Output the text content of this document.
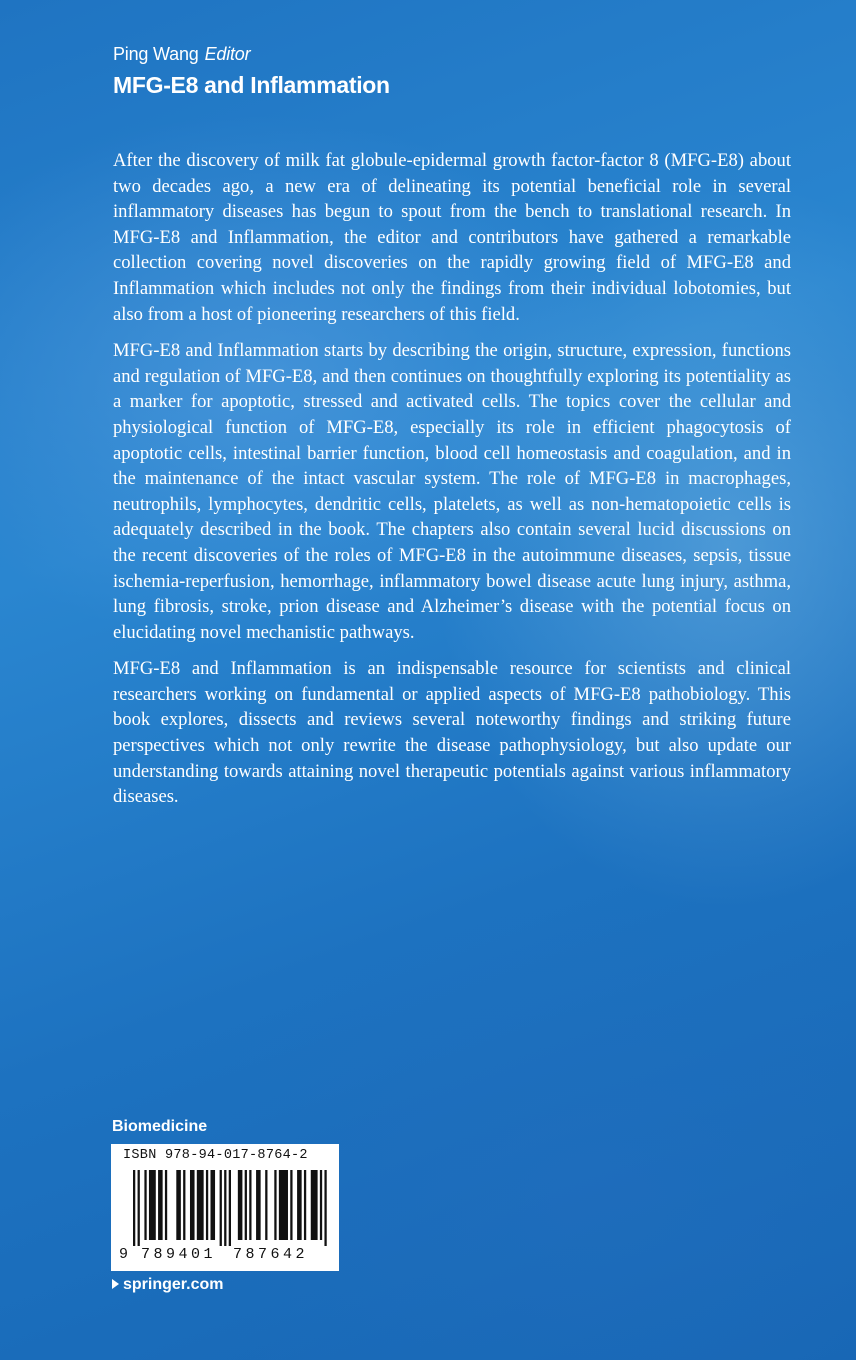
Ping Wang Editor
MFG-E8 and Inflammation

After the discovery of milk fat globule-epidermal growth factor-factor 8 (MFG-E8) about two decades ago, a new era of delineating its potential beneficial role in several inflammatory diseases has begun to spout from the bench to translational research. In MFG-E8 and Inflammation, the editor and contributors have gathered a remarkable collection covering novel discoveries on the rapidly growing field of MFG-E8 and Inflammation which includes not only the findings from their individual lobotomies, but also from a host of pioneering researchers of this field.

MFG-E8 and Inflammation starts by describing the origin, structure, expression, functions and regulation of MFG-E8, and then continues on thoughtfully exploring its potentiality as a marker for apoptotic, stressed and activated cells. The topics cover the cellular and physiological function of MFG-E8, especially its role in efficient phagocytosis of apoptotic cells, intestinal barrier function, blood cell homeostasis and coagulation, and in the maintenance of the intact vascular system. The role of MFG-E8 in macrophages, neutrophils, lymphocytes, dendritic cells, platelets, as well as non-hematopoietic cells is adequately described in the book. The chapters also contain several lucid discussions on the recent discoveries of the roles of MFG-E8 in the autoimmune diseases, sepsis, tissue ischemia-reperfusion, hemorrhage, inflammatory bowel disease acute lung injury, asthma, lung fibrosis, stroke, prion disease and Alzheimer’s disease with the potential focus on elucidating novel mechanistic pathways.

MFG-E8 and Inflammation is an indispensable resource for scientists and clinical researchers working on fundamental or applied aspects of MFG-E8 pathobiology. This book explores, dissects and reviews several noteworthy findings and striking future perspectives which not only rewrite the disease pathophysiology, but also update our understanding towards attaining novel therapeutic potentials against various inflammatory diseases.

Biomedicine
ISBN 978-94-017-8764-2
9 789401 787642
springer.com
